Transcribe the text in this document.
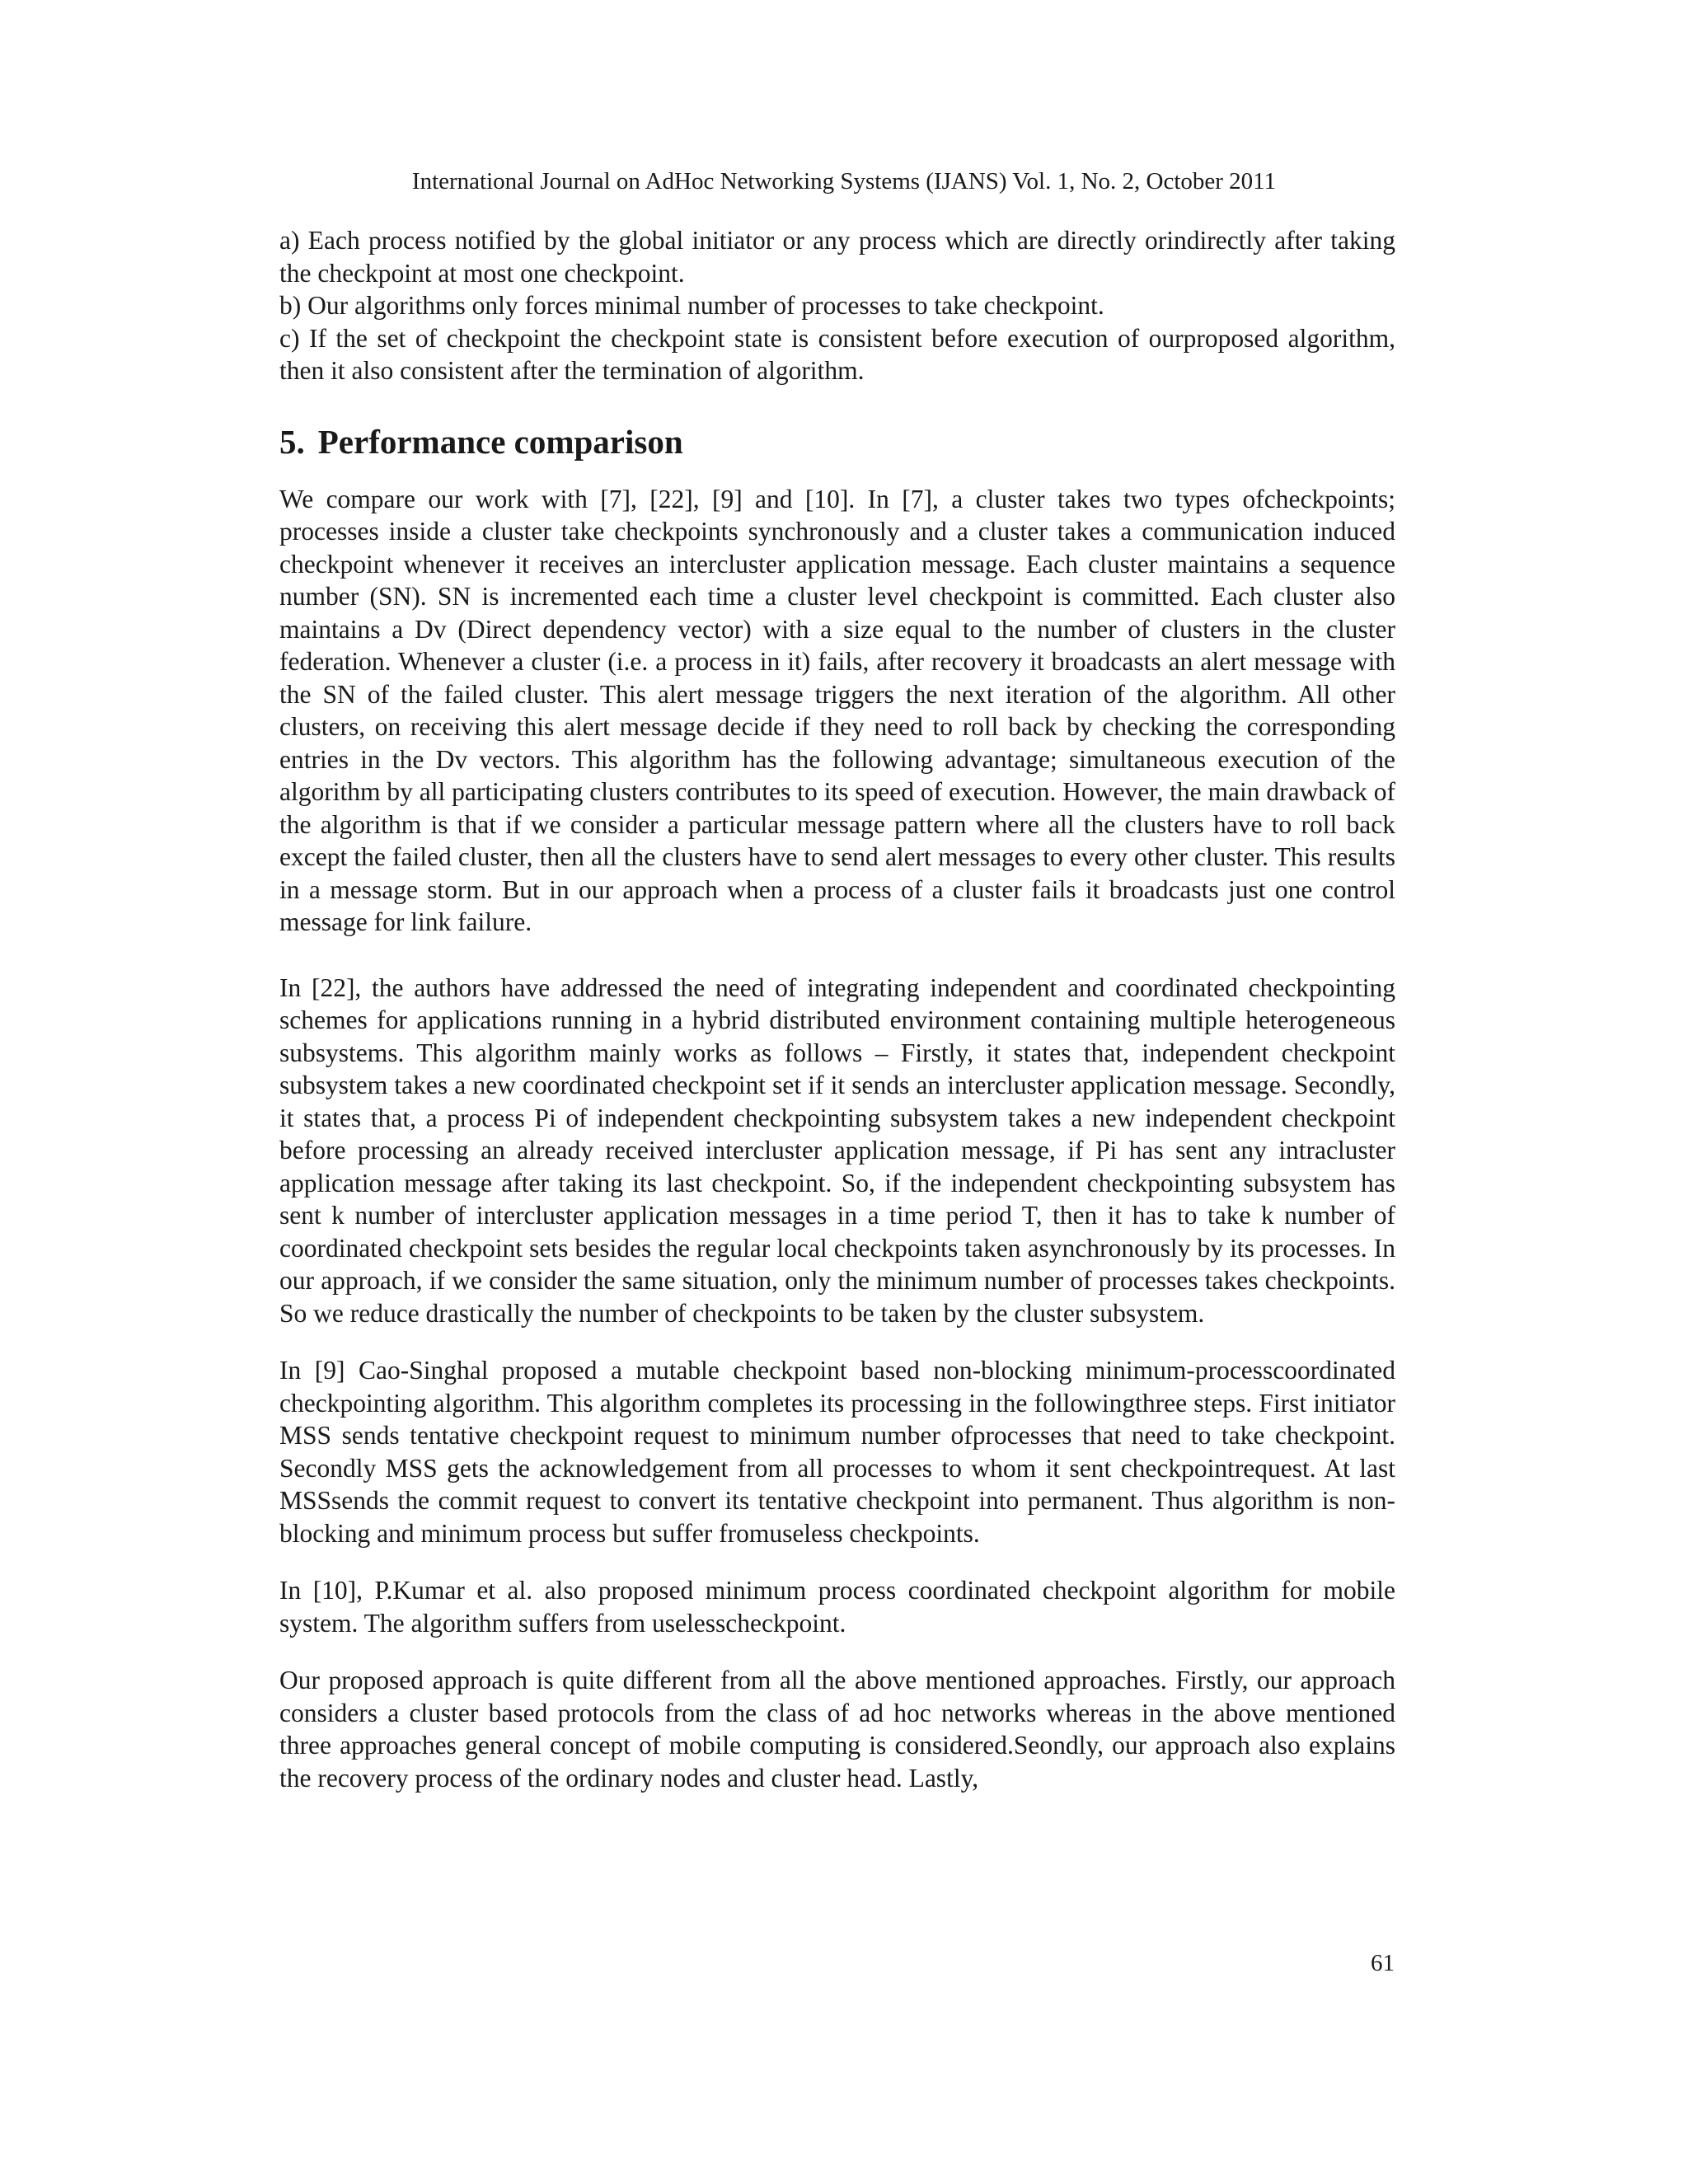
International Journal on AdHoc Networking Systems (IJANS) Vol. 1, No. 2, October 2011

a) Each process notified by the global initiator or any process which are directly orindirectly after taking the checkpoint at most one checkpoint.

b) Our algorithms only forces minimal number of processes to take checkpoint.

c) If the set of checkpoint the checkpoint state is consistent before execution of ourproposed algorithm, then it also consistent after the termination of algorithm.

5. Performance comparison

We compare our work with [7], [22], [9] and [10]. In [7], a cluster takes two types ofcheckpoints; processes inside a cluster take checkpoints synchronously and a cluster takes a communication induced checkpoint whenever it receives an intercluster application message. Each cluster maintains a sequence number (SN). SN is incremented each time a cluster level checkpoint is committed. Each cluster also maintains a Dv (Direct dependency vector) with a size equal to the number of clusters in the cluster federation. Whenever a cluster (i.e. a process in it) fails, after recovery it broadcasts an alert message with the SN of the failed cluster. This alert message triggers the next iteration of the algorithm. All other clusters, on receiving this alert message decide if they need to roll back by checking the corresponding entries in the Dv vectors. This algorithm has the following advantage; simultaneous execution of the algorithm by all participating clusters contributes to its speed of execution. However, the main drawback of the algorithm is that if we consider a particular message pattern where all the clusters have to roll back except the failed cluster, then all the clusters have to send alert messages to every other cluster. This results in a message storm. But in our approach when a process of a cluster fails it broadcasts just one control message for link failure.

In [22], the authors have addressed the need of integrating independent and coordinated checkpointing schemes for applications running in a hybrid distributed environment containing multiple heterogeneous subsystems. This algorithm mainly works as follows – Firstly, it states that, independent checkpoint subsystem takes a new coordinated checkpoint set if it sends an intercluster application message. Secondly, it states that, a process Pi of independent checkpointing subsystem takes a new independent checkpoint before processing an already received intercluster application message, if Pi has sent any intracluster application message after taking its last checkpoint. So, if the independent checkpointing subsystem has sent k number of intercluster application messages in a time period T, then it has to take k number of coordinated checkpoint sets besides the regular local checkpoints taken asynchronously by its processes. In our approach, if we consider the same situation, only the minimum number of processes takes checkpoints. So we reduce drastically the number of checkpoints to be taken by the cluster subsystem.

In [9] Cao-Singhal proposed a mutable checkpoint based non-blocking minimum-processcoordinated checkpointing algorithm. This algorithm completes its processing in the followingthree steps. First initiator MSS sends tentative checkpoint request to minimum number ofprocesses that need to take checkpoint. Secondly MSS gets the acknowledgement from all processes to whom it sent checkpointrequest. At last MSSsends the commit request to convert its tentative checkpoint into permanent. Thus algorithm is non-blocking and minimum process but suffer fromuseless checkpoints.

In [10], P.Kumar et al. also proposed minimum process coordinated checkpoint algorithm for mobile system. The algorithm suffers from uselesscheckpoint.

Our proposed approach is quite different from all the above mentioned approaches. Firstly, our approach considers a cluster based protocols from the class of ad hoc networks whereas in the above mentioned three approaches general concept of mobile computing is considered.Seondly, our approach also explains the recovery process of the ordinary nodes and cluster head. Lastly,

61
